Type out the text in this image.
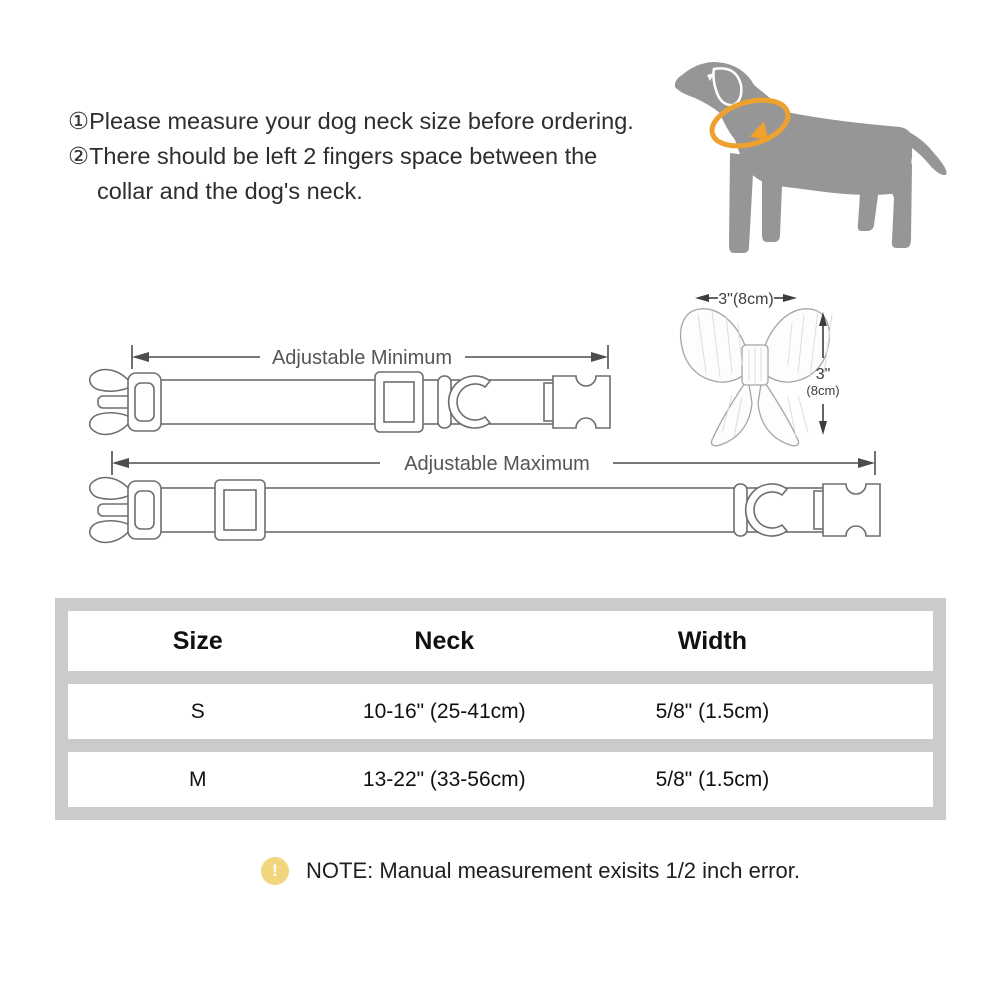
①Please measure your dog neck size before ordering.
②There should be left 2 fingers space between the
collar and the dog's neck.
3"(8cm)
3"
(8cm)
Adjustable Minimum
Adjustable Maximum
Size	Neck	Width
S	10-16" (25-41cm)	5/8" (1.5cm)
M	13-22" (33-56cm)	5/8" (1.5cm)
!	NOTE: Manual measurement exisits 1/2 inch error.
